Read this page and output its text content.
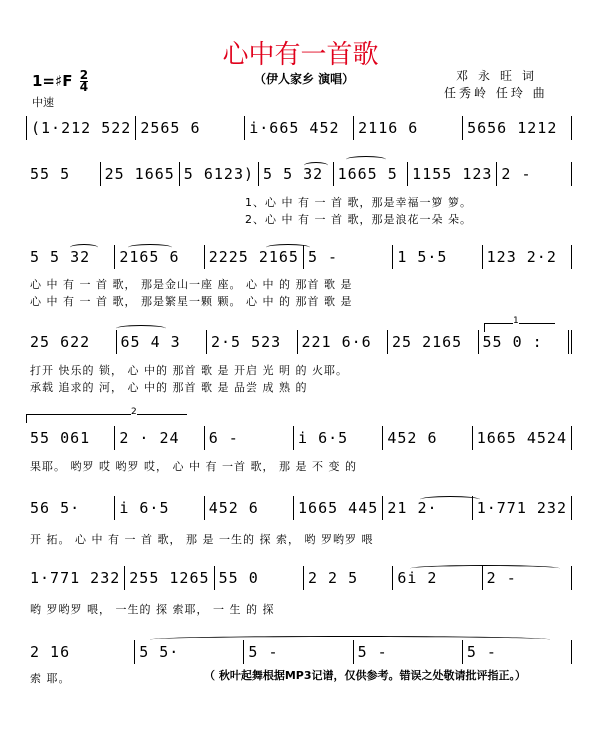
心中有一首歌
1=♯F $\frac{2}{4}$
中速
（伊人家乡 演唱）	邓永旺词
任秀岭 任玲 曲
(1·212 522 2565 6	i·665 452	2116 6	5656 1212
55 5	25 1665 5 6123) 5 5 32 1665 5 1155 123 2 -
5 5 32	2165 6	2225 2165 5 -	1 5·5	123 2·2
25 622	65 4 3	2·5 523	221 6·6	25 2165	55 0 :
55 061	2 · 24	6 -	i 6·5	452 6	1665 4524
56 5·	i 6·5	452 6	1665 445 21 2·	1·771 232
1·771 232 255 1265 55 0	2 2 5	6i 2	2 -
2 16	5 5·	5 -	5 -	5 -
1、心 中 有 一 首 歌，那是幸福一箩 箩。
2、心 中 有 一 首 歌，那是浪花一朵 朵。
心 中 有 一 首 歌， 那是金山一座 座。 心 中 的 那首 歌 是
心 中 有 一 首 歌， 那是繁星一颗 颗。 心 中 的 那首 歌 是
打开 快乐的 锁， 心 中的 那首 歌 是 开启 光 明 的 火耶。
承载 追求的 河， 心 中的 那首 歌 是 品尝 成 熟 的
果耶。 哟罗 哎 哟罗 哎， 心 中 有 一首 歌， 那 是 不 变 的
开 拓。 心 中 有 一 首 歌， 那 是 一生的 探 索， 哟 罗哟罗 喂
哟 罗哟罗 喂， 一生的 探 索耶， 一 生 的 探
索 耶。	（ 秋叶起舞根据MP3记谱，仅供参考。错误之处敬请批评指正。）
1
2
